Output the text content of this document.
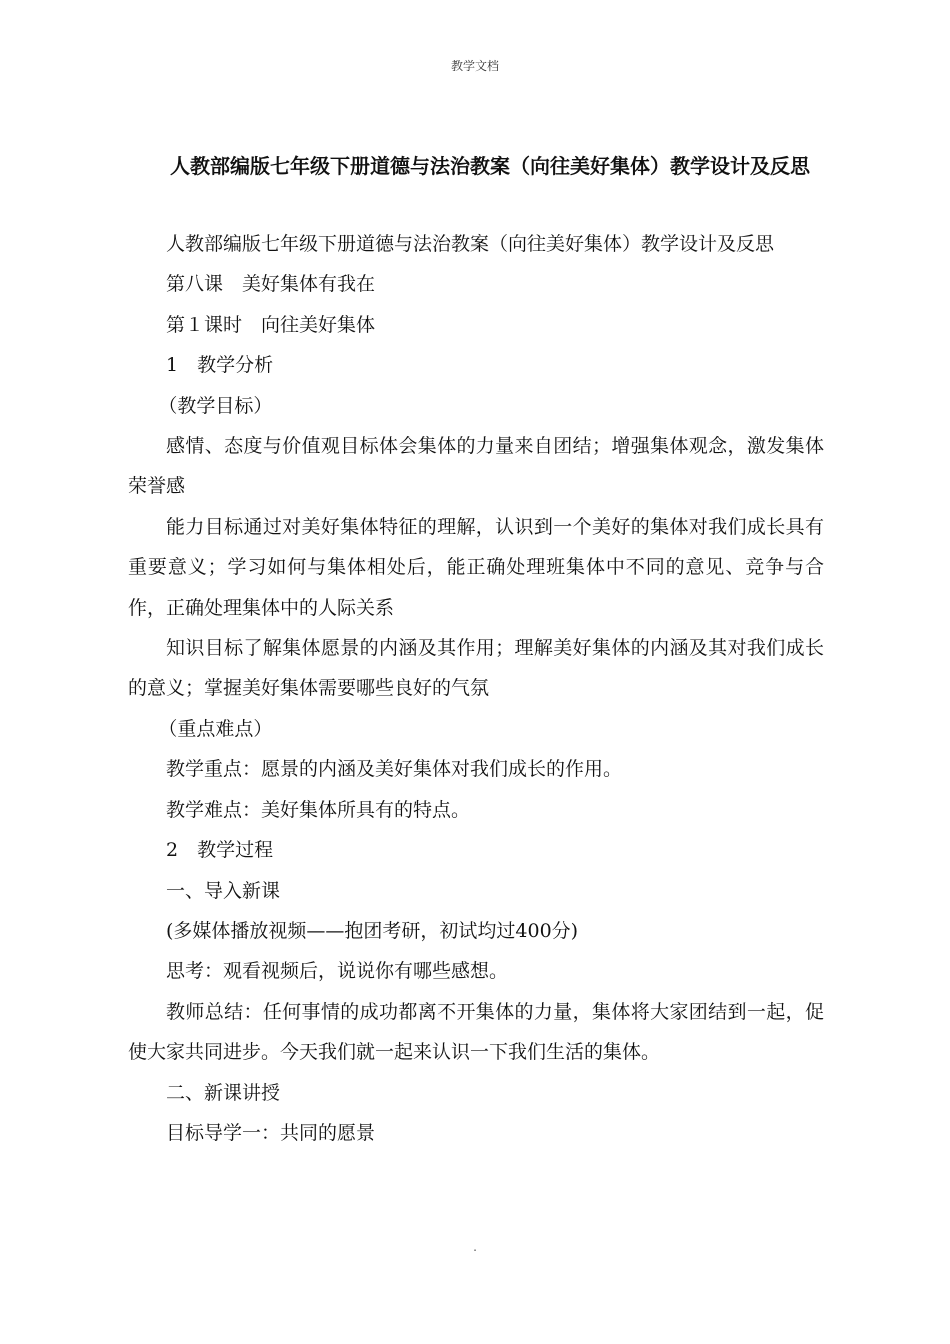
教学文档
人教部编版七年级下册道德与法治教案（向往美好集体）教学设计及反思

人教部编版七年级下册道德与法治教案（向往美好集体）教学设计及反思

第八课　美好集体有我在

第１课时　向往美好集体

1　教学分析

（教学目标）

感情、态度与价值观目标体会集体的力量来自团结；增强集体观念，激发集体荣誉感

能力目标通过对美好集体特征的理解，认识到一个美好的集体对我们成长具有重要意义；学习如何与集体相处后，能正确处理班集体中不同的意见、竞争与合作，正确处理集体中的人际关系

知识目标了解集体愿景的内涵及其作用；理解美好集体的内涵及其对我们成长的意义；掌握美好集体需要哪些良好的气氛

（重点难点）

教学重点：愿景的内涵及美好集体对我们成长的作用。

教学难点：美好集体所具有的特点。

2　教学过程

一、导入新课

(多媒体播放视频——抱团考研，初试均过400分)

思考：观看视频后，说说你有哪些感想。

教师总结：任何事情的成功都离不开集体的力量，集体将大家团结到一起，促使大家共同进步。今天我们就一起来认识一下我们生活的集体。

二、新课讲授

目标导学一：共同的愿景

.
